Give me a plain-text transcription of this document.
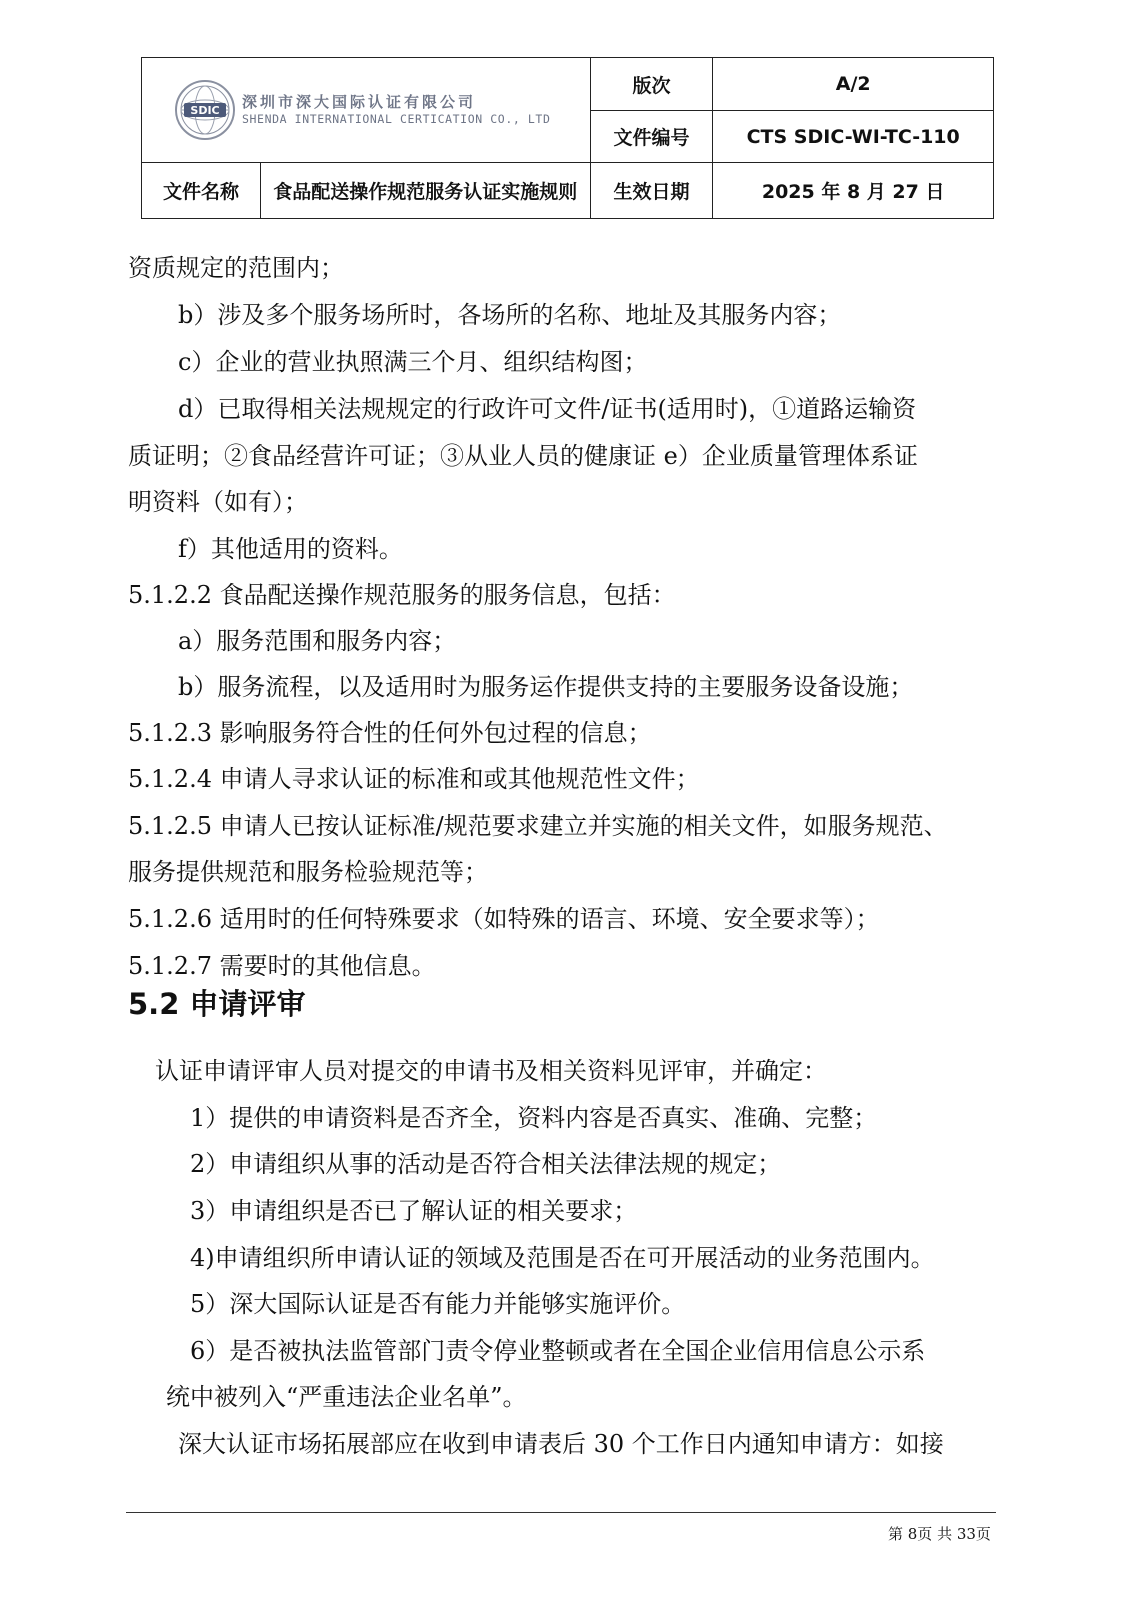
SDIC 深圳市深大国际认证有限公司
SHENDA INTERNATIONAL CERTICATION CO., LTD		版次	A/2
		文件编号	CTS SDIC-WI-TC-110
文件名称	食品配送操作规范服务认证实施规则	生效日期	2025 年 8 月 27 日
资质规定的范围内；
b）涉及多个服务场所时，各场所的名称、地址及其服务内容；
c）企业的营业执照满三个月、组织结构图；
d）已取得相关法规规定的行政许可文件/证书(适用时)，①道路运输资
质证明；②食品经营许可证；③从业人员的健康证 e）企业质量管理体系证
明资料（如有）；
f）其他适用的资料。
5.1.2.2 食品配送操作规范服务的服务信息，包括：
a）服务范围和服务内容；
b）服务流程，以及适用时为服务运作提供支持的主要服务设备设施；
5.1.2.3 影响服务符合性的任何外包过程的信息；
5.1.2.4 申请人寻求认证的标准和或其他规范性文件；
5.1.2.5 申请人已按认证标准/规范要求建立并实施的相关文件，如服务规范、
服务提供规范和服务检验规范等；
5.1.2.6 适用时的任何特殊要求（如特殊的语言、环境、安全要求等）；
5.1.2.7 需要时的其他信息。
5.2 申请评审
认证申请评审人员对提交的申请书及相关资料见评审，并确定：
1）提供的申请资料是否齐全，资料内容是否真实、准确、完整；
2）申请组织从事的活动是否符合相关法律法规的规定；
3）申请组织是否已了解认证的相关要求；
4)申请组织所申请认证的领域及范围是否在可开展活动的业务范围内。
5）深大国际认证是否有能力并能够实施评价。
6）是否被执法监管部门责令停业整顿或者在全国企业信用信息公示系
统中被列入“严重违法企业名单”。
深大认证市场拓展部应在收到申请表后 30 个工作日内通知申请方：如接
第 8页 共 33页
